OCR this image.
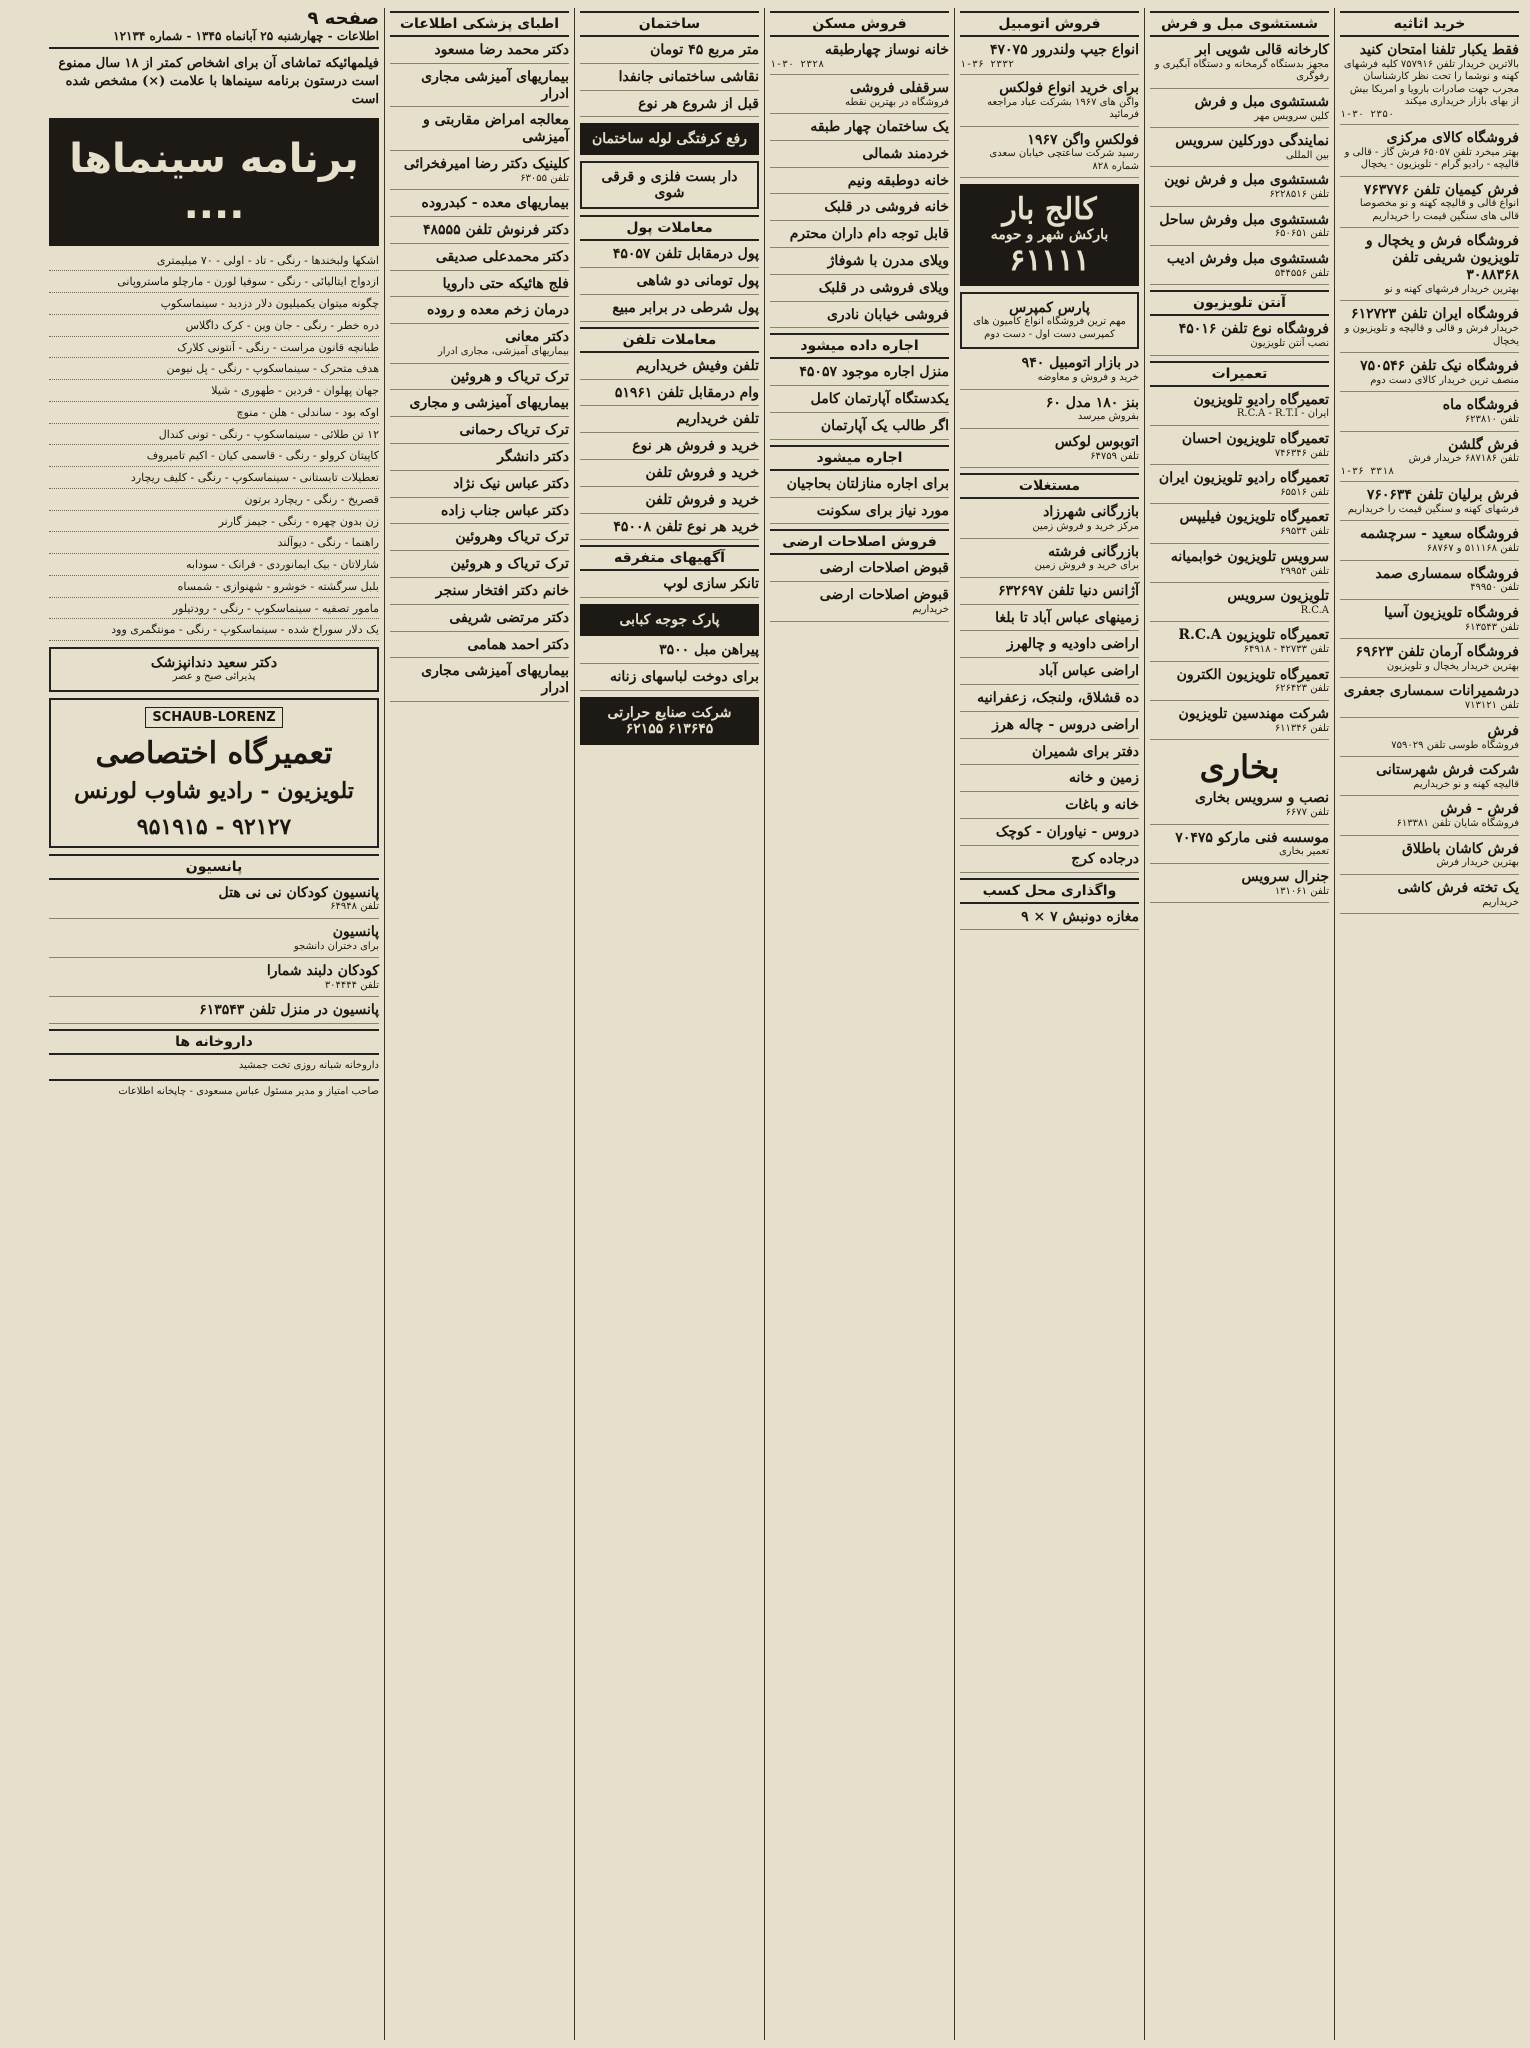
خرید اثاثیه
فقط یکبار تلفنا امتحان کنید
بالاترین خریدار تلفن ۷۵۷۹۱۶ کلیه فرشهای کهنه و نوشما را تحت نظر کارشناسان مجرب جهت صادرات بارویا و امریکا بیش از بهای بازار خریداری میکند
۱-۳۰ ۲۳۵۰
فروشگاه کالای مرکزی
بهتر میخرد تلفن ۶۵۰۵۷ فرش گاز - قالی و قالیچه - رادیو گرام - تلویزیون - یخچال
فرش کیمیان تلفن ۷۶۳۷۷۶
انواع قالی و قالیچه کهنه و نو مخصوصا قالی های سنگین قیمت را خریداریم
فروشگاه فرش و یخچال و تلویزیون شریفی تلفن ۳۰۸۸۳۶۸
بهترین خریدار فرشهای کهنه و نو
فروشگاه ایران تلفن ۶۱۲۷۲۳
خریدار فرش و قالی و قالیچه و تلویزیون و یخچال
فروشگاه نیک تلفن ۷۵۰۵۴۶
منصف ترین خریدار کالای دست دوم
فروشگاه ماه
تلفن ۶۲۳۸۱۰
فرش گلشن
تلفن ۶۸۷۱۸۶ خریدار فرش
۱-۳۶ ۳۳۱۸
فرش برلیان تلفن ۷۶۰۶۳۴
فرشهای کهنه و سنگین قیمت را خریداریم
فروشگاه سعید - سرچشمه
تلفن ۵۱۱۱۶۸ و ۶۸۷۶۷
فروشگاه سمساری صمد
تلفن ۴۹۹۵۰
فروشگاه تلویزیون آسیا
تلفن ۶۱۳۵۴۳
فروشگاه آرمان تلفن ۶۹۶۲۳
بهترین خریدار یخچال و تلویزیون
درشمیرانات سمساری جعفری
تلفن ۷۱۳۱۲۱
فرش
فروشگاه طوسی تلفن ۷۵۹۰۲۹
شرکت فرش شهرستانی
قالیچه کهنه و نو خریداریم
فرش - فرش
فروشگاه شایان تلفن ۶۱۳۳۸۱
فرش کاشان باطلاق
بهترین خریدار فرش
یک تخته فرش کاشی
خریداریم
شستشوی مبل و فرش
کارخانه قالی شویی ابر
مجهز بدستگاه گرمخانه و دستگاه آبگیری و رفوگری
شستشوی مبل و فرش
کلین سرویس مهر
نمایندگی دورکلین سرویس
بین المللی
شستشوی مبل و فرش نوین
تلفن ۶۲۲۸۵۱۶
شستشوی مبل وفرش ساحل
تلفن ۶۵۰۶۵۱
شستشوی مبل وفرش ادیب
تلفن ۵۴۴۵۵۶
آنتن تلویزیون
فروشگاه نوع تلفن ۴۵۰۱۶
نصب آنتن تلویزیون
تعمیرات
تعمیرگاه رادیو تلویزیون
ایران - R.C.A - R.T.I
تعمیرگاه تلویزیون احسان
تلفن ۷۴۶۳۴۶
تعمیرگاه رادیو تلویزیون ایران
تلفن ۶۵۵۱۶
تعمیرگاه تلویزیون فیلیپس
تلفن ۶۹۵۳۴
سرویس تلویزیون خوابمیانه
تلفن ۲۹۹۵۴
تلویزیون سرویس
R.C.A
تعمیرگاه تلویزیون R.C.A
تلفن ۴۲۷۳۳ - ۶۴۹۱۸
تعمیرگاه تلویزیون الکترون
تلفن ۶۲۶۴۲۳
شرکت مهندسین تلویزیون
تلفن ۶۱۱۳۴۶
بخاری
نصب و سرویس بخاری
تلفن ۶۶۷۷
موسسه فنی مارکو ۷۰۴۷۵
تعمیر بخاری
جنرال سرویس
تلفن ۱۳۱۰۶۱
فروش اتومبیل
انواع جیپ ولندرور ۴۷۰۷۵
۱-۳۶ ۲۳۳۲
برای خرید انواع فولکس
واگن های ۱۹۶۷ بشرکت عباد مراجعه فرمائید
فولکس واگن ۱۹۶۷
رسید شرکت ساعتچی خیابان سعدی شماره ۸۲۸
کالج بار
بارکش شهر و حومه
۶۱۱۱۱
پارس کمپرس
مهم ترین فروشگاه انواع کامیون های کمپرسی دست اول - دست دوم
در بازار اتومبیل ۹۴۰
خرید و فروش و معاوضه
بنز ۱۸۰ مدل ۶۰
بفروش میرسد
اتوبوس لوکس
تلفن ۶۴۷۵۹
مستغلات
بازرگانی شهرزاد
مرکز خرید و فروش زمین
بازرگانی فرشته
برای خرید و فروش زمین
آژانس دنیا تلفن ۶۳۲۶۹۷
زمینهای عباس آباد تا بلغا
اراضی داودیه و چالهرز
اراضی عباس آباد
ده قشلاق، ولنجک، زعفرانیه
اراضی دروس - چاله هرز
دفتر برای شمیران
زمین و خانه
خانه و باغات
دروس - نیاوران - کوچک
درجاده کرج
واگذاری محل کسب
مغازه دونبش ۷ × ۹
فروش مسکن
خانه نوساز چهارطبقه
۱-۳۰ ۲۳۲۸
سرقفلی فروشی
فروشگاه در بهترین نقطه
یک ساختمان چهار طبقه
خردمند شمالی
خانه دوطبقه ونیم
خانه فروشی در قلبک
قابل توجه دام داران محترم
ویلای مدرن با شوفاژ
ویلای فروشی در قلبک
فروشی خیابان نادری
اجاره داده میشود
منزل اجاره موجود ۴۵۰۵۷
یکدستگاه آپارتمان کامل
اگر طالب یک آپارتمان
اجاره میشود
برای اجاره منازلتان بحاجیان
مورد نیاز برای سکونت
فروش اصلاحات ارضی
قبوض اصلاحات ارضی
قبوض اصلاحات ارضی
خریداریم
ساختمان
متر مربع ۴۵ تومان
نقاشی ساختمانی جانفدا
قبل از شروع هر نوع
رفع کرفتگی لوله ساختمان
دار بست فلزی و قرقی شوی
معاملات پول
پول درمقابل تلفن ۴۵۰۵۷
پول تومانی دو شاهی
پول شرطی در برابر مبیع
معاملات تلفن
تلفن وفیش خریداریم
وام درمقابل تلفن ۵۱۹۶۱
تلفن خریداریم
خرید و فروش هر نوع
خرید و فروش تلفن
خرید و فروش تلفن
خرید هر نوع تلفن ۴۵۰۰۸
آگهیهای متفرقه
تانکر سازی لوپ
پارک جوجه کبابی
پیراهن مبل ۳۵۰۰
برای دوخت لباسهای زنانه
شرکت صنایع حرارتی
۶۱۳۶۴۵ ۶۲۱۵۵
اطبای پزشکی اطلاعات
دکتر محمد رضا مسعود
بیماریهای آمیزشی مجاری ادرار
معالجه امراض مقاربتی و آمیزشی
کلینیک دکتر رضا امیرفخرائی
تلفن ۶۳۰۵۵
بیماریهای معده - کبدروده
دکتر فرنوش تلفن ۴۸۵۵۵
دکتر محمدعلی صدیقی
فلج هائیکه حتی دارویا
درمان زخم معده و روده
دکتر معانی
بیماریهای آمیزشی، مجاری ادرار
ترک تریاک و هروئین
بیماریهای آمیزشی و مجاری
ترک تریاک رحمانی
دکتر دانشگر
دکتر عباس نیک نژاد
دکتر عباس جناب زاده
ترک تریاک وهروئین
ترک تریاک و هروئین
خانم دکتر افتخار سنجر
دکتر مرتضی شریفی
دکتر احمد همامی
بیماریهای آمیزشی مجاری ادرار
صفحه ۹
اطلاعات - چهارشنبه ۲۵ آبانماه ۱۳۴۵ - شماره ۱۲۱۳۴
فیلمهائیکه تماشای آن برای اشخاص کمتر از ۱۸ سال ممنوع است درستون برنامه سینماها با علامت (×) مشخص شده است
برنامه سینماها ....
اشکها ولبخندها - رنگی - تاد - اولی - ۷۰ میلیمتری
ازدواج ایتالیائی - رنگی - سوفیا لورن - مارچلو ماستروپانی
چگونه میتوان یکمیلیون دلار دزدید - سینماسکوپ
دره خطر - رنگی - جان وین - کرک داگلاس
طبانچه قانون مراست - رنگی - آنتونی کلارک
هدف متحرک - سینماسکوپ - رنگی - پل نیومن
جهان پهلوان - فردین - طهوری - شیلا
اوکه بود - ساندلی - هلن - منوچ
۱۲ تن طلائی - سینماسکوپ - رنگی - تونی کندال
کاپیتان کرولو - رنگی - قاسمی کیان - اکیم تامیروف
تعطیلات تابستانی - سینماسکوپ - رنگی - کلیف ریچارد
قصریخ - رنگی - ریچارد برتون
زن بدون چهره - رنگی - جیمز گارنر
راهنما - رنگی - دیوآلند
شارلاتان - بیک ایمانوردی - فرانک - سودابه
بلبل سرگشته - خوشرو - شهنوازی - شمساه
مامور تصفیه - سینماسکوپ - رنگی - رودتیلور
یک دلار سوراخ شده - سینماسکوپ - رنگی - مونتگمری وود
دکتر سعید دندانپزشک
پذیرائی صبح و عصر
SCHAUB-LORENZ
تعمیرگاه اختصاصی
تلویزیون - رادیو شاوب لورنس
۹۲۱۲۷ - ۹۵۱۹۱۵
پانسیون
پانسیون کودکان نی نی هتل
تلفن ۶۴۹۴۸
پانسیون
برای دختران دانشجو
کودکان دلبند شمارا
تلفن ۳۰۴۴۴۴
پانسیون در منزل تلفن ۶۱۳۵۴۳
داروخانه ها
داروخانه شبانه روزی تخت جمشید
صاحب امتیاز و مدیر مسئول عباس مسعودی - چاپخانه اطلاعات
